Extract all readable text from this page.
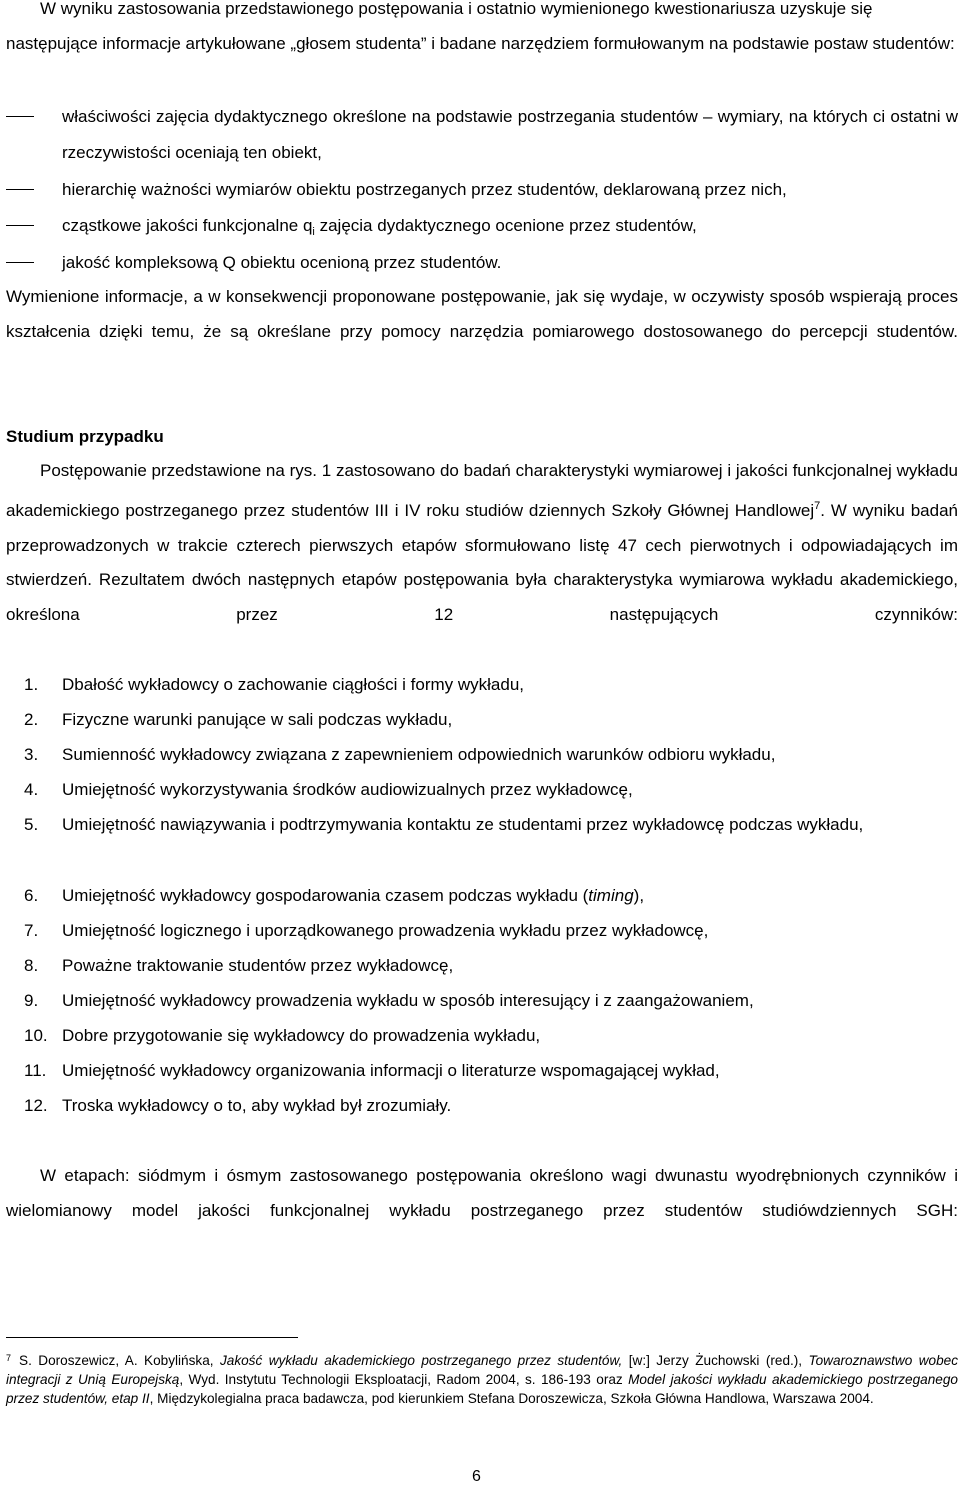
W wyniku zastosowania przedstawionego postępowania i ostatnio wymienionego kwestionariusza uzyskuje się następujące informacje artykułowane „głosem studenta” i badane narzędziem formułowanym na podstawie postaw studentów:

właściwości zajęcia dydaktycznego określone na podstawie postrzegania studentów – wymiary, na których ci ostatni w rzeczywistości oceniają ten obiekt,
hierarchię ważności wymiarów obiektu postrzeganych przez studentów, deklarowaną przez nich,
cząstkowe jakości funkcjonalne $q_i$ zajęcia dydaktycznego ocenione przez studentów,
jakość kompleksową Q obiektu ocenioną przez studentów.

Wymienione informacje, a w konsekwencji proponowane postępowanie, jak się wydaje, w oczywisty sposób wspierają proces kształcenia dzięki temu, że są określane przy pomocy narzędzia pomiarowego dostosowanego do percepcji studentów.

Studium przypadku

Postępowanie przedstawione na rys. 1 zastosowano do badań charakterystyki wymiarowej i jakości funkcjonalnej wykładu akademickiego postrzeganego przez studentów III i IV roku studiów dziennych Szkoły Głównej Handlowej$^7$. W wyniku badań przeprowadzonych w trakcie czterech pierwszych etapów sformułowano listę 47 cech pierwotnych i odpowiadających im stwierdzeń. Rezultatem dwóch następnych etapów postępowania była charakterystyka wymiarowa wykładu akademickiego, określona przez 12 następujących czynników:

1. Dbałość wykładowcy o zachowanie ciągłości i formy wykładu,
2. Fizyczne warunki panujące w sali podczas wykładu,
3. Sumienność wykładowcy związana z zapewnieniem odpowiednich warunków odbioru wykładu,
4. Umiejętność wykorzystywania środków audiowizualnych przez wykładowcę,
5. Umiejętność nawiązywania i podtrzymywania kontaktu ze studentami przez wykładowcę podczas wykładu,
6. Umiejętność wykładowcy gospodarowania czasem podczas wykładu (timing),
7. Umiejętność logicznego i uporządkowanego prowadzenia wykładu przez wykładowcę,
8. Poważne traktowanie studentów przez wykładowcę,
9. Umiejętność wykładowcy prowadzenia wykładu w sposób interesujący i z zaangażowaniem,
10. Dobre przygotowanie się wykładowcy do prowadzenia wykładu,
11. Umiejętność wykładowcy organizowania informacji o literaturze wspomagającej wykład,
12. Troska wykładowcy o to, aby wykład był zrozumiały.

W etapach: siódmym i ósmym zastosowanego postępowania określono wagi dwunastu wyodrębnionych czynników i wielomianowy model jakości funkcjonalnej wykładu postrzeganego przez studentów studiówdziennych SGH:

$^7$ S. Doroszewicz, A. Kobylińska, Jakość wykładu akademickiego postrzeganego przez studentów, [w:] Jerzy Żuchowski (red.), Towaroznawstwo wobec integracji z Unią Europejską, Wyd. Instytutu Technologii Eksploatacji, Radom 2004, s. 186-193 oraz Model jakości wykładu akademickiego postrzeganego przez studentów, etap II, Międzykolegialna praca badawcza, pod kierunkiem Stefana Doroszewicza, Szkoła Główna Handlowa, Warszawa 2004.

6
